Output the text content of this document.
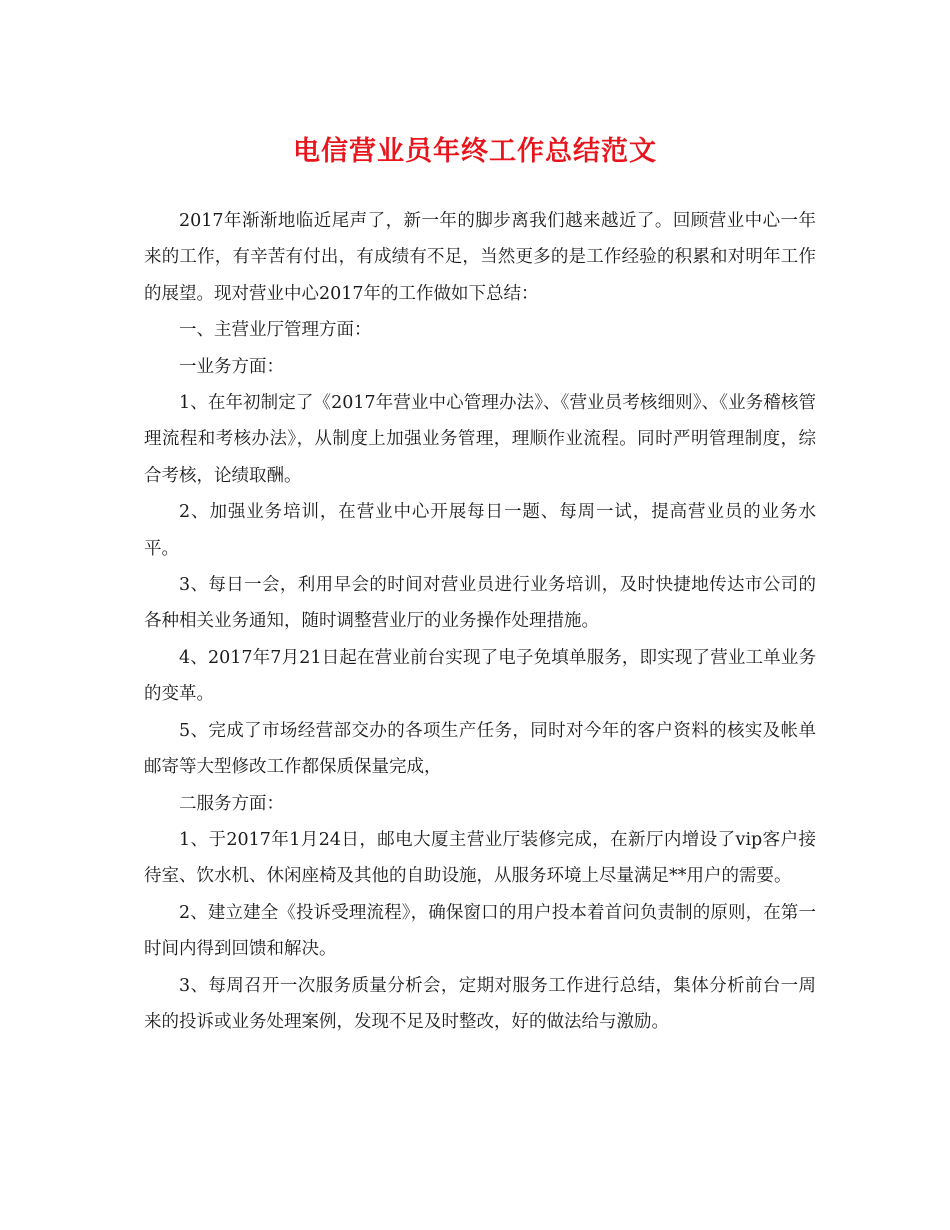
电信营业员年终工作总结范文

2017年渐渐地临近尾声了，新一年的脚步离我们越来越近了。回顾营业中心一年来的工作，有辛苦有付出，有成绩有不足，当然更多的是工作经验的积累和对明年工作的展望。现对营业中心2017年的工作做如下总结：

一、主营业厅管理方面：

一业务方面：

1、在年初制定了《2017年营业中心管理办法》、《营业员考核细则》、《业务稽核管理流程和考核办法》，从制度上加强业务管理，理顺作业流程。同时严明管理制度，综合考核，论绩取酬。

2、加强业务培训，在营业中心开展每日一题、每周一试，提高营业员的业务水平。

3、每日一会，利用早会的时间对营业员进行业务培训，及时快捷地传达市公司的各种相关业务通知，随时调整营业厅的业务操作处理措施。

4、2017年7月21日起在营业前台实现了电子免填单服务，即实现了营业工单业务的变革。

5、完成了市场经营部交办的各项生产任务，同时对今年的客户资料的核实及帐单邮寄等大型修改工作都保质保量完成，

二服务方面：

1、于2017年1月24日，邮电大厦主营业厅装修完成，在新厅内增设了vip客户接待室、饮水机、休闲座椅及其他的自助设施，从服务环境上尽量满足**用户的需要。

2、建立建全《投诉受理流程》，确保窗口的用户投本着首问负责制的原则，在第一时间内得到回馈和解决。

3、每周召开一次服务质量分析会，定期对服务工作进行总结，集体分析前台一周来的投诉或业务处理案例，发现不足及时整改，好的做法给与激励。
